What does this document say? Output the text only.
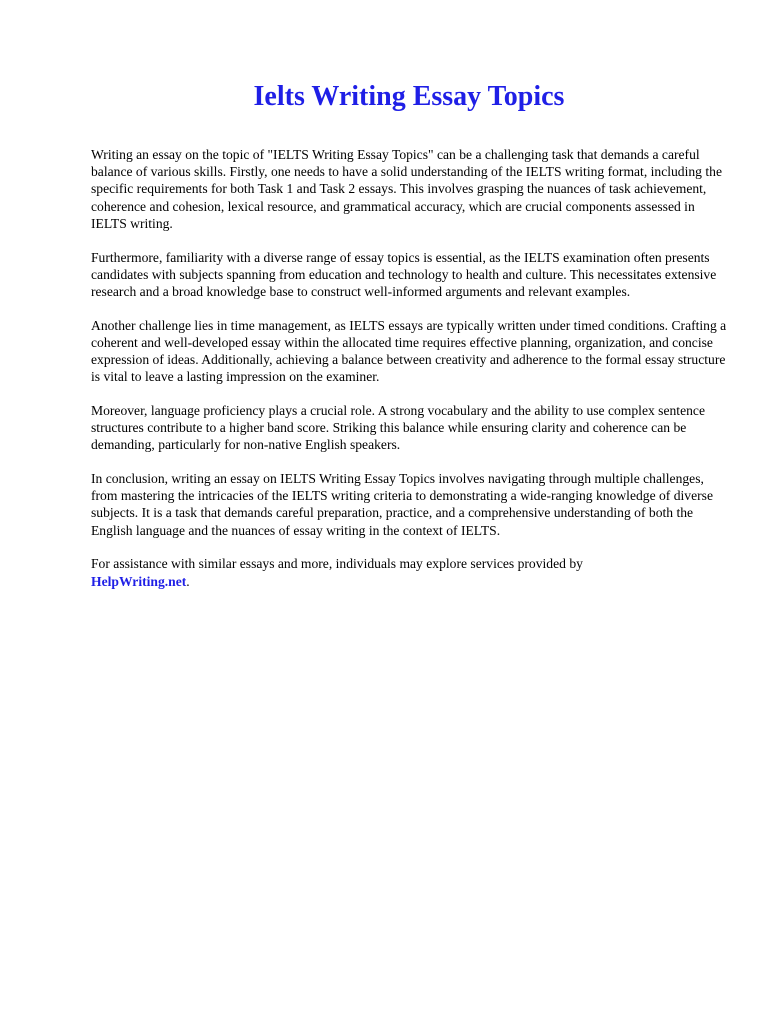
Ielts Writing Essay Topics

Writing an essay on the topic of "IELTS Writing Essay Topics" can be a challenging task that demands a careful balance of various skills. Firstly, one needs to have a solid understanding of the IELTS writing format, including the specific requirements for both Task 1 and Task 2 essays. This involves grasping the nuances of task achievement, coherence and cohesion, lexical resource, and grammatical accuracy, which are crucial components assessed in IELTS writing.

Furthermore, familiarity with a diverse range of essay topics is essential, as the IELTS examination often presents candidates with subjects spanning from education and technology to health and culture. This necessitates extensive research and a broad knowledge base to construct well-informed arguments and relevant examples.

Another challenge lies in time management, as IELTS essays are typically written under timed conditions. Crafting a coherent and well-developed essay within the allocated time requires effective planning, organization, and concise expression of ideas. Additionally, achieving a balance between creativity and adherence to the formal essay structure is vital to leave a lasting impression on the examiner.

Moreover, language proficiency plays a crucial role. A strong vocabulary and the ability to use complex sentence structures contribute to a higher band score. Striking this balance while ensuring clarity and coherence can be demanding, particularly for non-native English speakers.

In conclusion, writing an essay on IELTS Writing Essay Topics involves navigating through multiple challenges, from mastering the intricacies of the IELTS writing criteria to demonstrating a wide-ranging knowledge of diverse subjects. It is a task that demands careful preparation, practice, and a comprehensive understanding of both the English language and the nuances of essay writing in the context of IELTS.

For assistance with similar essays and more, individuals may explore services provided by
HelpWriting.net.
